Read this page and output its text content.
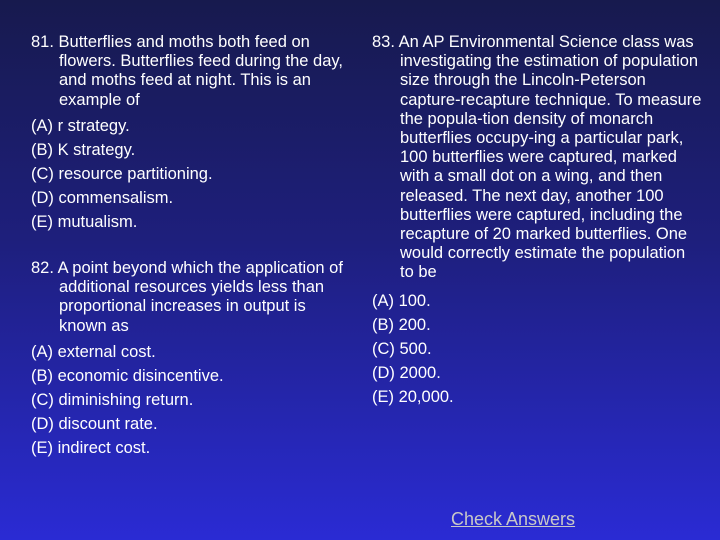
81. Butterflies and moths both feed on flowers. Butterflies feed during the day, and moths feed at night. This is an example of
(A) r strategy.
(B) K strategy.
(C) resource partitioning.
(D) commensalism.
(E) mutualism.
82. A point beyond which the application of additional resources yields less than proportional increases in output is known as
(A) external cost.
(B) economic disincentive.
(C) diminishing return.
(D) discount rate.
(E) indirect cost.
83. An AP Environmental Science class was investigating the estimation of population size through the Lincoln-Peterson capture-recapture technique. To measure the popula-tion density of monarch butterflies occupy-ing a particular park, 100 butterflies were captured, marked with a small dot on a wing, and then released. The next day, another 100 butterflies were captured, including the recapture of 20 marked butterflies. One would correctly estimate the population to be
(A) 100.
(B) 200.
(C) 500.
(D) 2000.
(E) 20,000.
Check Answers
